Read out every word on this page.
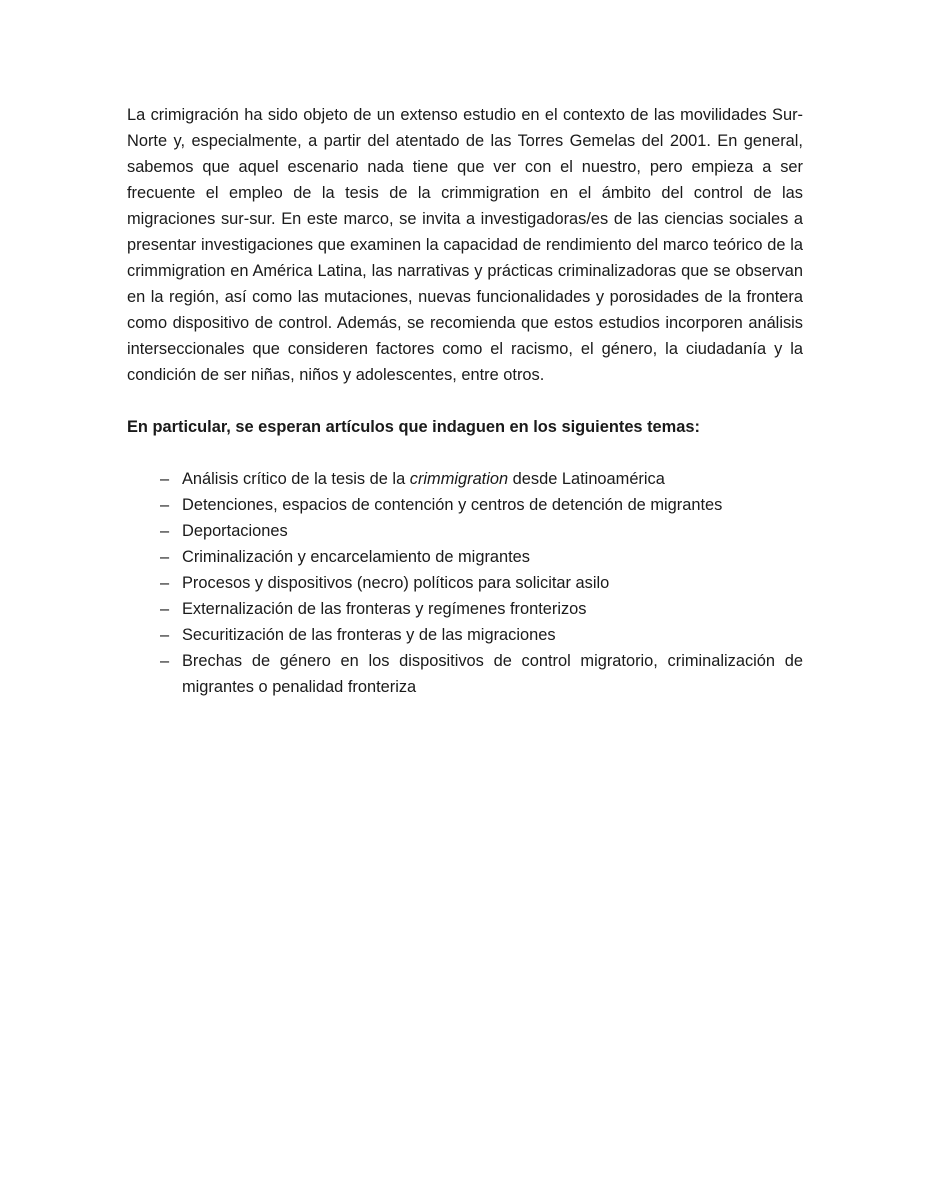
La crimigración ha sido objeto de un extenso estudio en el contexto de las movilidades Sur-Norte y, especialmente, a partir del atentado de las Torres Gemelas del 2001. En general, sabemos que aquel escenario nada tiene que ver con el nuestro, pero empieza a ser frecuente el empleo de la tesis de la crimmigration en el ámbito del control de las migraciones sur-sur. En este marco, se invita a investigadoras/es de las ciencias sociales a presentar investigaciones que examinen la capacidad de rendimiento del marco teórico de la crimmigration en América Latina, las narrativas y prácticas criminalizadoras que se observan en la región, así como las mutaciones, nuevas funcionalidades y porosidades de la frontera como dispositivo de control. Además, se recomienda que estos estudios incorporen análisis interseccionales que consideren factores como el racismo, el género, la ciudadanía y la condición de ser niñas, niños y adolescentes, entre otros.

En particular, se esperan artículos que indaguen en los siguientes temas:

– Análisis crítico de la tesis de la crimmigration desde Latinoamérica
– Detenciones, espacios de contención y centros de detención de migrantes
– Deportaciones
– Criminalización y encarcelamiento de migrantes
– Procesos y dispositivos (necro) políticos para solicitar asilo
– Externalización de las fronteras y regímenes fronterizos
– Securitización de las fronteras y de las migraciones
– Brechas de género en los dispositivos de control migratorio, criminalización de migrantes o penalidad fronteriza
